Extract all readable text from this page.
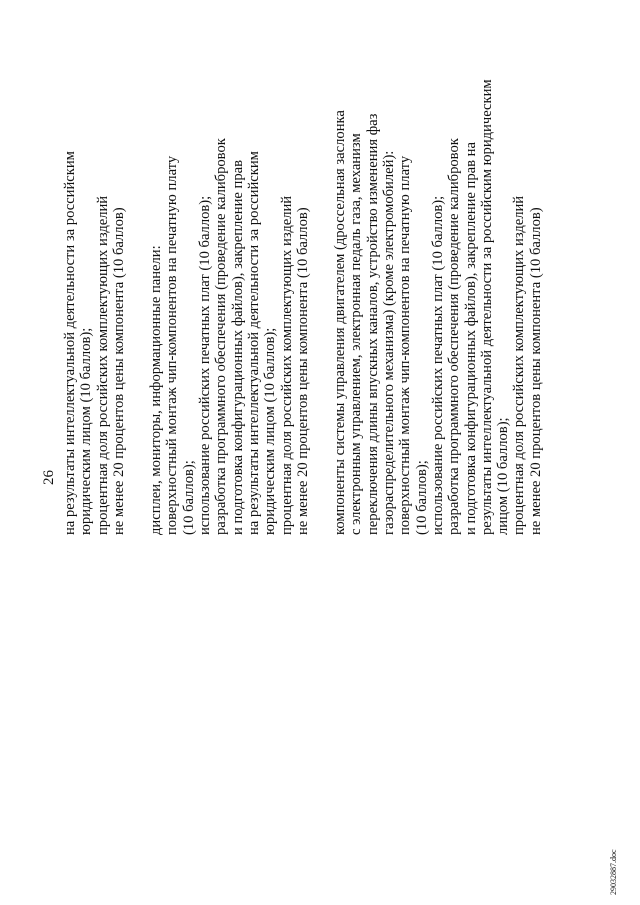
26 на результаты интеллектуальной деятельности за российским юридическим лицом (10 баллов); процентная доля российских комплектующих изделий не менее 20 процентов цены компонента (10 баллов) дисплеи, мониторы, информационные панели: поверхностный монтаж чип-компонентов на печатную плату (10 баллов); использование российских печатных плат (10 баллов); разработка программного обеспечения (проведение калибровок и подготовка конфигурационных файлов), закрепление прав на результаты интеллектуальной деятельности за российским юридическим лицом (10 баллов); процентная доля российских комплектующих изделий не менее 20 процентов цены компонента (10 баллов) компоненты системы управления двигателем (дроссельная заслонка с электронным управлением, электронная педаль газа, механизм переключения длины впускных каналов, устройство изменения фаз газораспределительного механизма) (кроме электромобилей): поверхностный монтаж чип-компонентов на печатную плату (10 баллов); использование российских печатных плат (10 баллов); разработка программного обеспечения (проведение калибровок и подготовка конфигурационных файлов), закрепление прав на результаты интеллектуальной деятельности за российским юридическим лицом (10 баллов); процентная доля российских комплектующих изделий не менее 20 процентов цены компонента (10 баллов)
29032887.doc
